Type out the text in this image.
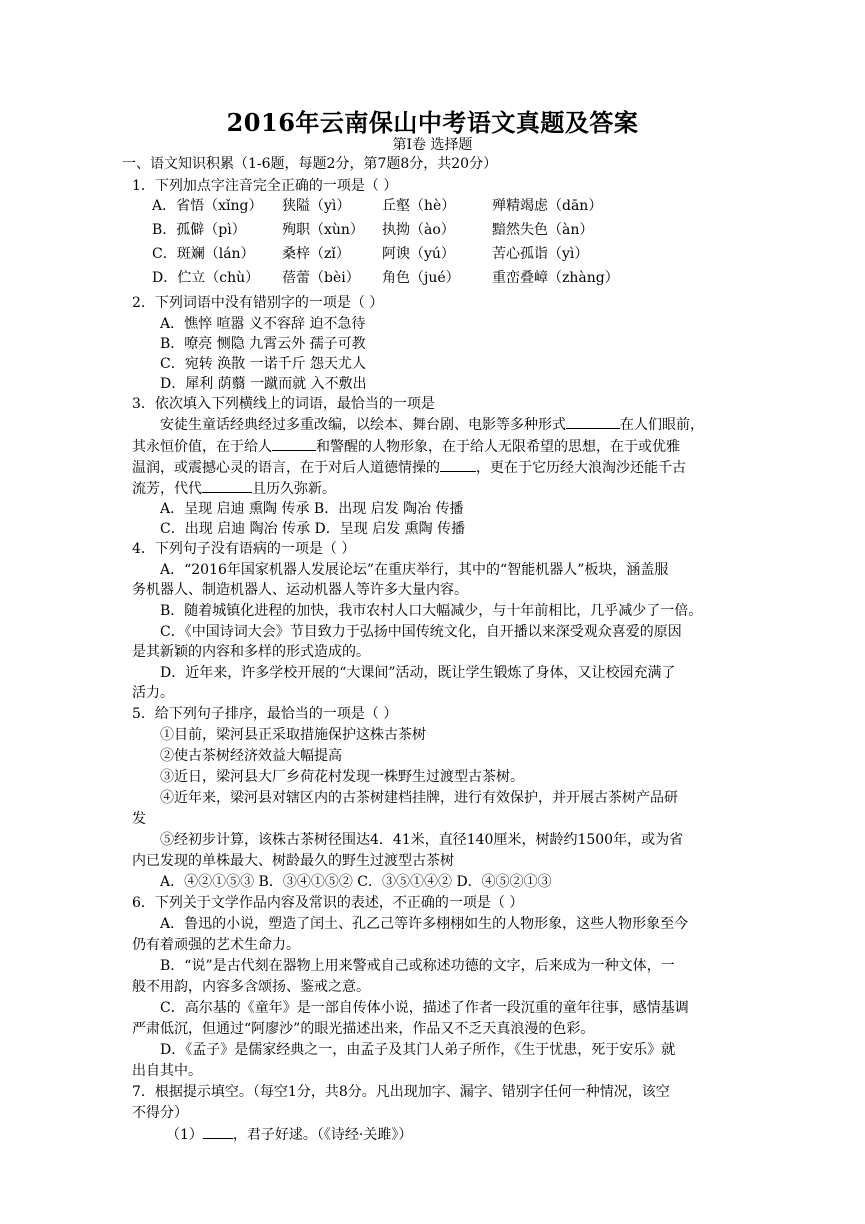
2016年云南保山中考语文真题及答案
第Ⅰ卷 选择题
一、语文知识积累（1-6题，每题2分，第7题8分，共20分）
1．下列加点字注音完全正确的一项是（ ）
A．省悟（xǐng） 狭隘（yì） 丘壑（hè）	殚精竭虑（dān）
B．孤僻（pì）	殉职（xùn） 执拗（ào）	黯然失色（àn）
C．斑斓（lán） 桑梓（zǐ） 阿谀（yú）	苦心孤诣（yì）
D．伫立（chù） 蓓蕾（bèi） 角色（jué） 重峦叠嶂（zhàng）
2．下列词语中没有错别字的一项是（ ）
A．憔悴 喧嚣 义不容辞 迫不急待
B．嘹亮 恻隐 九霄云外 孺子可教
C．宛转 涣散 一诺千斤 怨天尤人
D．犀利 荫蘙 一蹴而就 入不敷出
3．依次填入下列横线上的词语，最恰当的一项是
安徒生童话经典经过多重改编，以绘本、舞台剧、电影等多种形式	在人们眼前，
其永恒价值，在于给人	和警醒的人物形象，在于给人无限希望的思想，在于或优雅
温润，或震撼心灵的语言，在于对后人道德情操的	，更在于它历经大浪淘沙还能千古
流芳，代代	且历久弥新。
A．呈现 启迪 熏陶 传承 B．出现 启发 陶冶 传播
C．出现 启迪 陶冶 传承 D．呈现 启发 熏陶 传播
4．下列句子没有语病的一项是（ ）
A．“2016年国家机器人发展论坛”在重庆举行，其中的“智能机器人”板块，涵盖服
务机器人、制造机器人、运动机器人等许多大量内容。
B．随着城镇化进程的加快，我市农村人口大幅减少，与十年前相比，几乎减少了一倍。
C．《中国诗词大会》节目致力于弘扬中国传统文化，自开播以来深受观众喜爱的原因
是其新颖的内容和多样的形式造成的。
D．近年来，许多学校开展的“大课间”活动，既让学生锻炼了身体，又让校园充满了
活力。
5．给下列句子排序，最恰当的一项是（ ）
①目前，梁河县正采取措施保护这株古茶树
②使古茶树经济效益大幅提高
③近日，梁河县大厂乡荷花村发现一株野生过渡型古茶树。
④近年来，梁河县对辖区内的古茶树建档挂牌，进行有效保护，并开展古茶树产品研
发
⑤经初步计算，该株古茶树径围达4．41米，直径140厘米，树龄约1500年，或为省
内已发现的单株最大、树龄最久的野生过渡型古茶树
A．④②①⑤③ B．③④①⑤② C．③⑤①④② D．④⑤②①③
6．下列关于文学作品内容及常识的表述，不正确的一项是（ ）
A．鲁迅的小说，塑造了闰土、孔乙己等许多栩栩如生的人物形象，这些人物形象至今
仍有着顽强的艺术生命力。
B．“说”是古代刻在器物上用来警戒自己或称述功德的文字，后来成为一种文体，一
般不用韵，内容多含颂扬、鉴戒之意。
C．高尔基的《童年》是一部自传体小说，描述了作者一段沉重的童年往事，感情基调
严肃低沉，但通过“阿廖沙”的眼光描述出来，作品又不乏天真浪漫的色彩。
D．《孟子》是儒家经典之一，由孟子及其门人弟子所作，《生于忧患，死于安乐》就
出自其中。
7．根据提示填空。（每空1分，共8分。凡出现加字、漏字、错别字任何一种情况，该空
不得分）
（1） ，君子好逑。（《诗经·关雎》）
